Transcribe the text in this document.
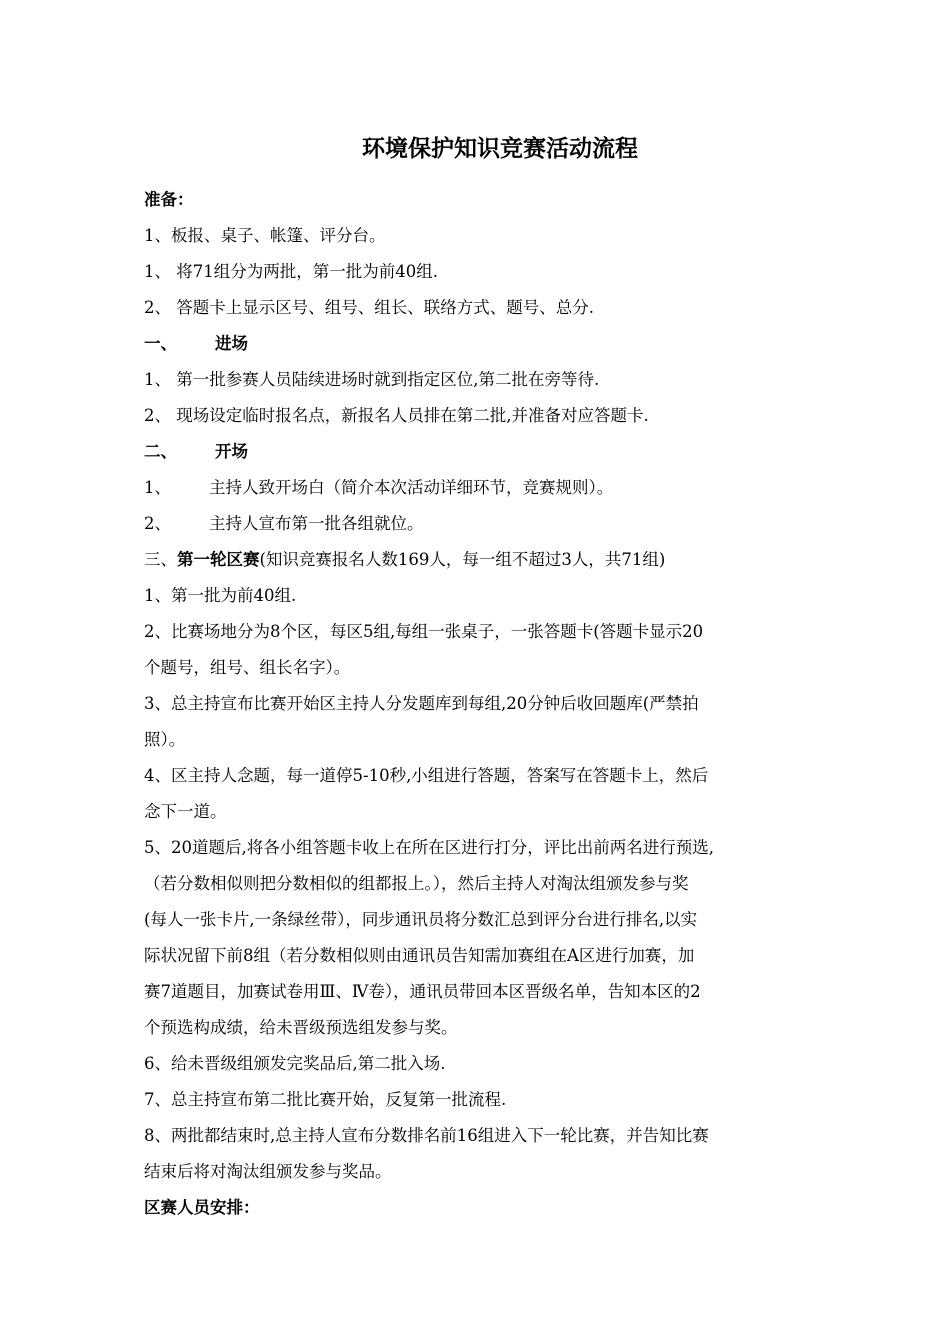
环境保护知识竞赛活动流程

准备：

1、板报、桌子、帐篷、评分台。

1、 将71组分为两批，第一批为前40组.

2、 答题卡上显示区号、组号、组长、联络方式、题号、总分.

一、 进场

1、 第一批参赛人员陆续进场时就到指定区位,第二批在旁等待.

2、 现场设定临时报名点，新报名人员排在第二批,并准备对应答题卡.

二、 开场

1、 主持人致开场白（简介本次活动详细环节，竞赛规则）。

2、 主持人宣布第一批各组就位。

三、第一轮区赛(知识竞赛报名人数169人，每一组不超过3人，共71组)

1、第一批为前40组.

2、比赛场地分为8个区，每区5组,每组一张桌子，一张答题卡(答题卡显示20

个题号，组号、组长名字）。

3、总主持宣布比赛开始区主持人分发题库到每组,20分钟后收回题库(严禁拍

照）。

4、区主持人念题，每一道停5-10秒,小组进行答题，答案写在答题卡上，然后

念下一道。

5、20道题后,将各小组答题卡收上在所在区进行打分，评比出前两名进行预选,

（若分数相似则把分数相似的组都报上。），然后主持人对淘汰组颁发参与奖

(每人一张卡片,一条绿丝带），同步通讯员将分数汇总到评分台进行排名,以实

际状况留下前8组（若分数相似则由通讯员告知需加赛组在A区进行加赛，加

赛7道题目，加赛试卷用Ⅲ、Ⅳ卷），通讯员带回本区晋级名单，告知本区的2

个预选构成绩，给未晋级预选组发参与奖。

6、给未晋级组颁发完奖品后,第二批入场.

7、总主持宣布第二批比赛开始，反复第一批流程.

8、两批都结束时,总主持人宣布分数排名前16组进入下一轮比赛，并告知比赛

结束后将对淘汰组颁发参与奖品。

区赛人员安排：
